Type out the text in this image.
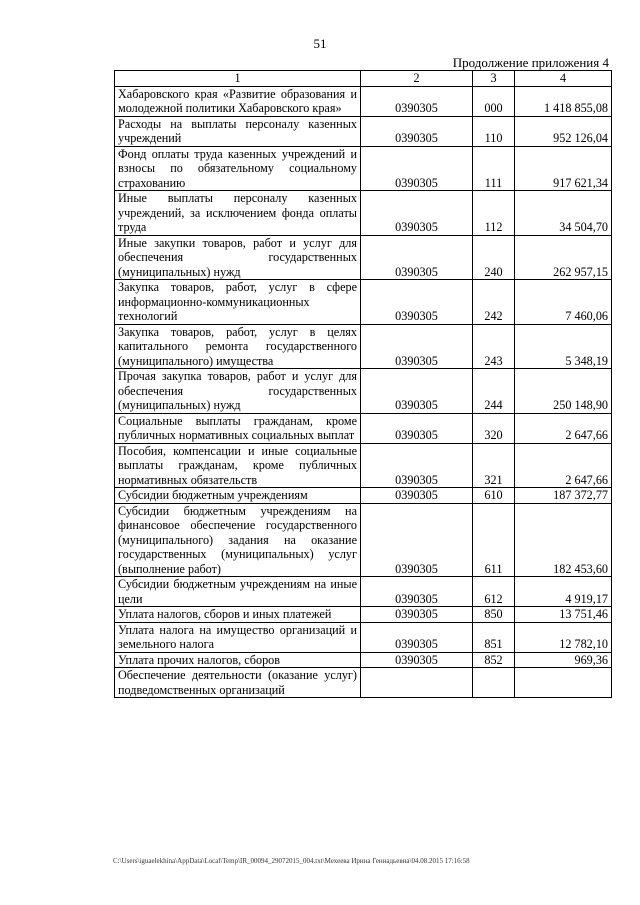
51
Продолжение приложения 4
1	2	3	4
Хабаровского края «Развитие образования и молодежной политики Хабаровского края»	0390305	000	1 418 855,08
Расходы на выплаты персоналу казенных учреждений	0390305	110	952 126,04
Фонд оплаты труда казенных учреждений и взносы по обязательному социальному страхованию	0390305	111	917 621,34
Иные выплаты персоналу казенных учреждений, за исключением фонда оплаты труда	0390305	112	34 504,70
Иные закупки товаров, работ и услуг для обеспечения государственных (муниципальных) нужд	0390305	240	262 957,15
Закупка товаров, работ, услуг в сфере информационно-коммуникационных технологий	0390305	242	7 460,06
Закупка товаров, работ, услуг в целях капитального ремонта государственного (муниципального) имущества	0390305	243	5 348,19
Прочая закупка товаров, работ и услуг для обеспечения государственных (муниципальных) нужд	0390305	244	250 148,90
Социальные выплаты гражданам, кроме публичных нормативных социальных выплат	0390305	320	2 647,66
Пособия, компенсации и иные социальные выплаты гражданам, кроме публичных нормативных обязательств	0390305	321	2 647,66
Субсидии бюджетным учреждениям	0390305	610	187 372,77
Субсидии бюджетным учреждениям на финансовое обеспечение государственного (муниципального) задания на оказание государственных (муниципальных) услуг (выполнение работ)	0390305	611	182 453,60
Субсидии бюджетным учреждениям на иные цели	0390305	612	4 919,17
Уплата налогов, сборов и иных платежей	0390305	850	13 751,46
Уплата налога на имущество организаций и земельного налога	0390305	851	12 782,10
Уплата прочих налогов, сборов	0390305	852	969,36
Обеспечение деятельности (оказание услуг) подведомственных организаций			
C:\Users\iguaelekhina\AppData\Local\Temp\IR_00094_29072015_004.txt\Мехеева Ирина Геннадьевна\04.08.2015 17:16:58
